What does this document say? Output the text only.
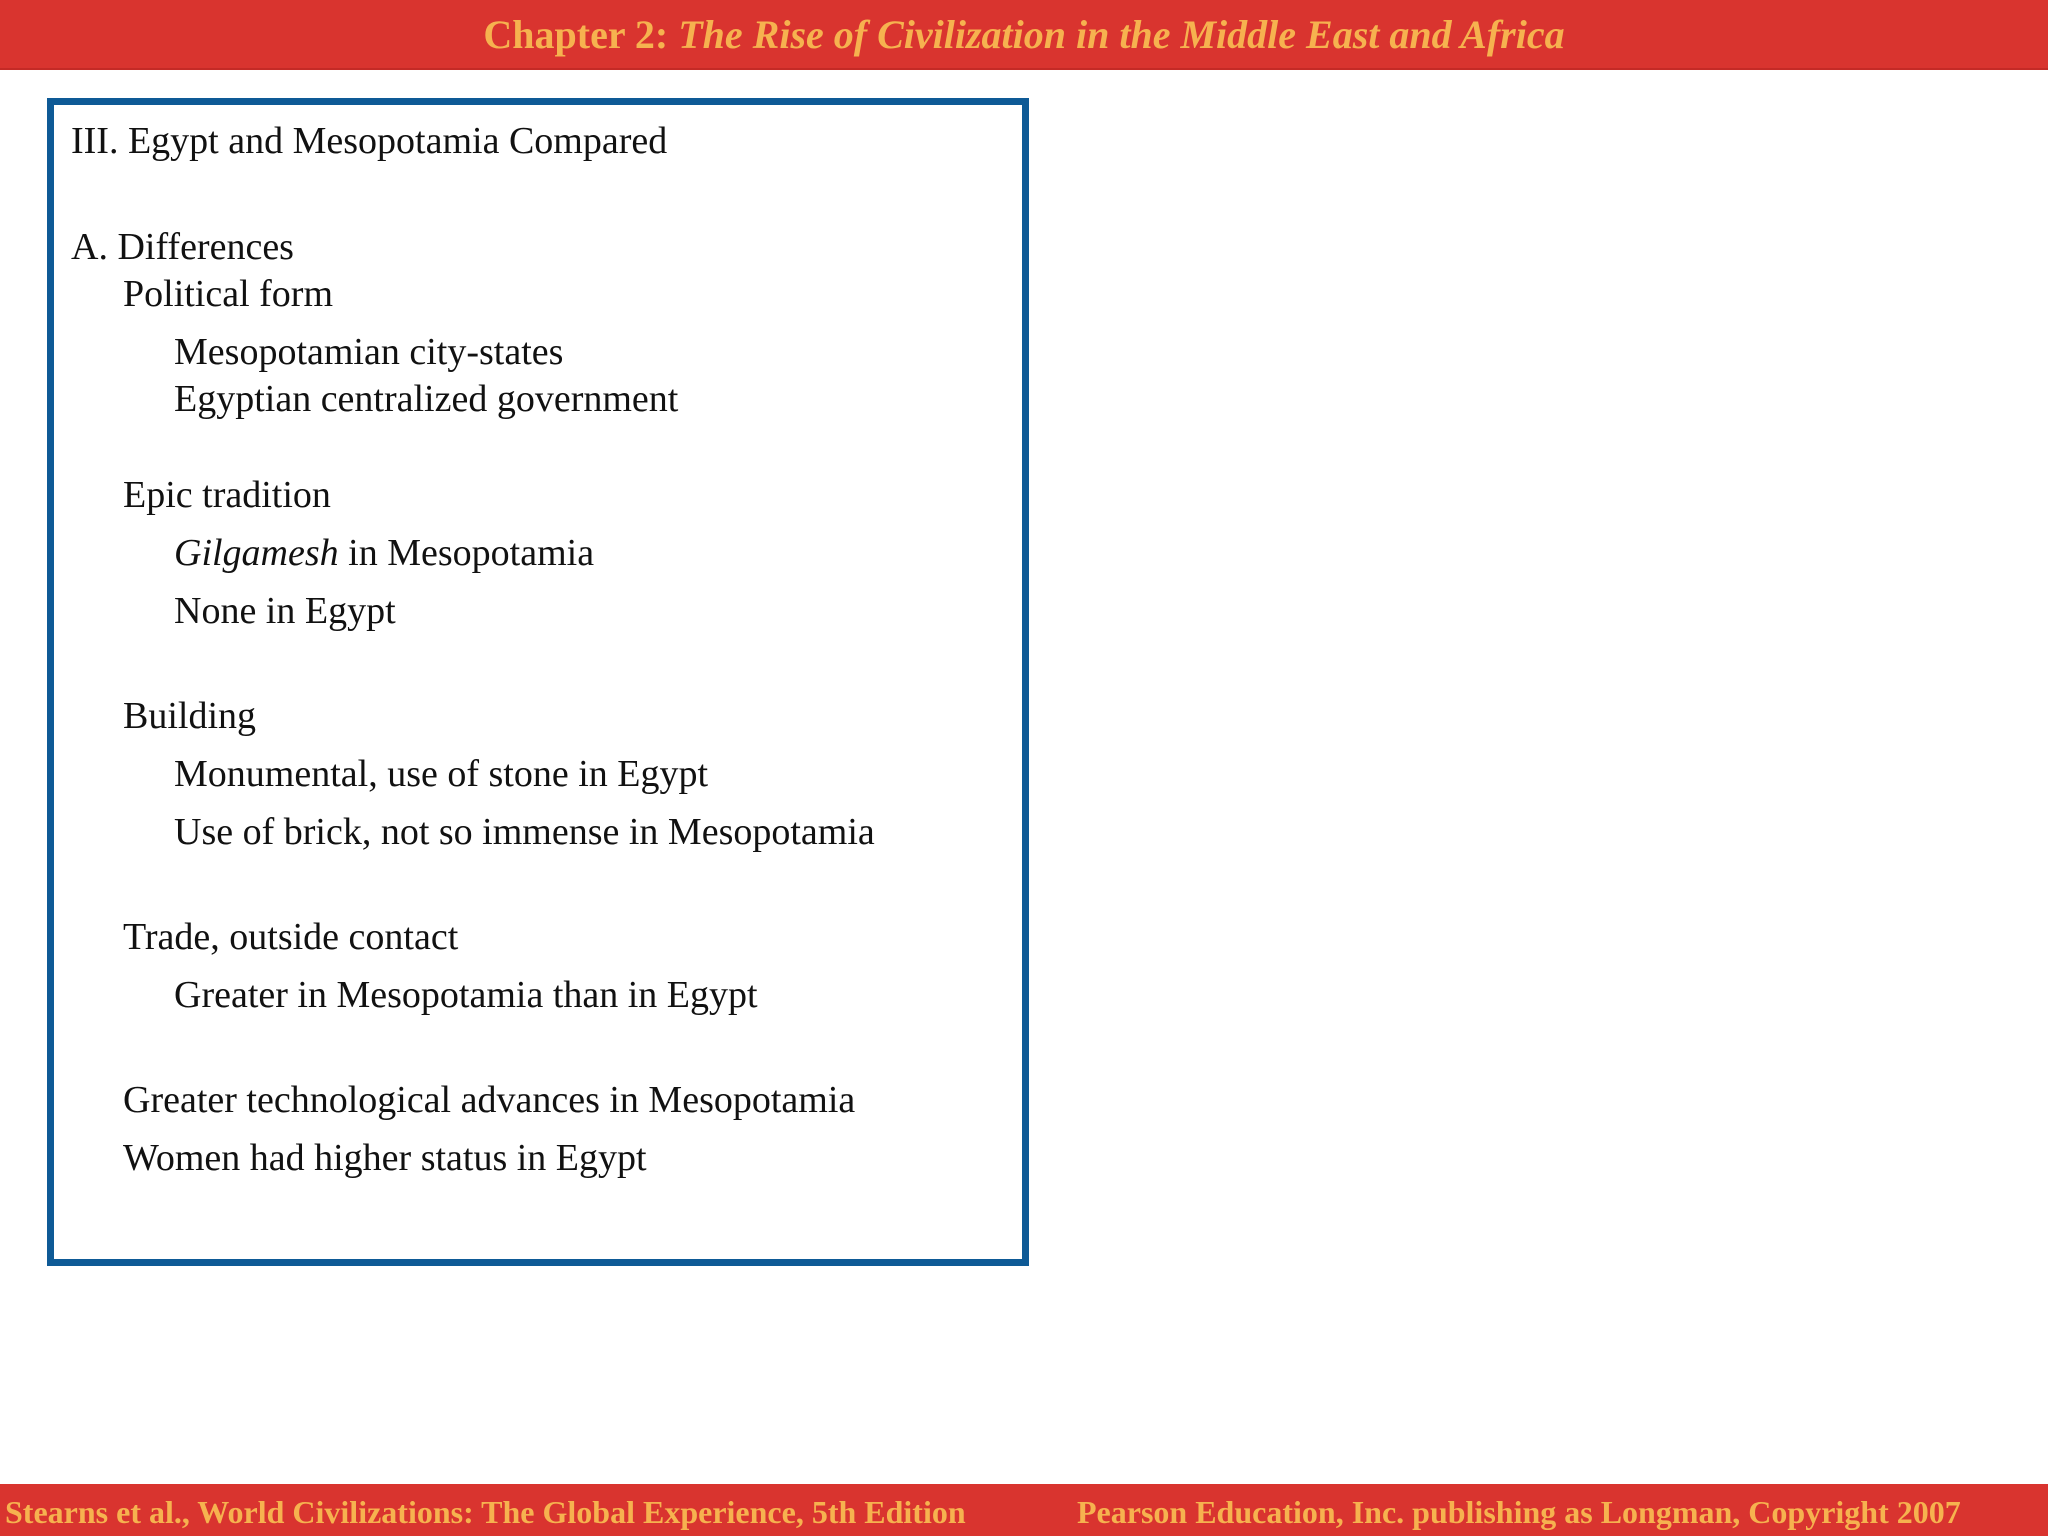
Chapter 2:
The Rise of Civilization in the Middle East and Africa
III. Egypt and Mesopotamia Compared
A. Differences
Political form
Mesopotamian city-states
Egyptian centralized government
Epic tradition
Gilgamesh in Mesopotamia
None in Egypt
Building
Monumental, use of stone in Egypt
Use of brick, not so immense in Mesopotamia
Trade, outside contact
Greater in Mesopotamia than in Egypt
Greater technological advances in Mesopotamia
Women had higher status in Egypt
Stearns et al., World Civilizations: The Global Experience, 5th Edition	Pearson Education, Inc. publishing as Longman, Copyright 2007
